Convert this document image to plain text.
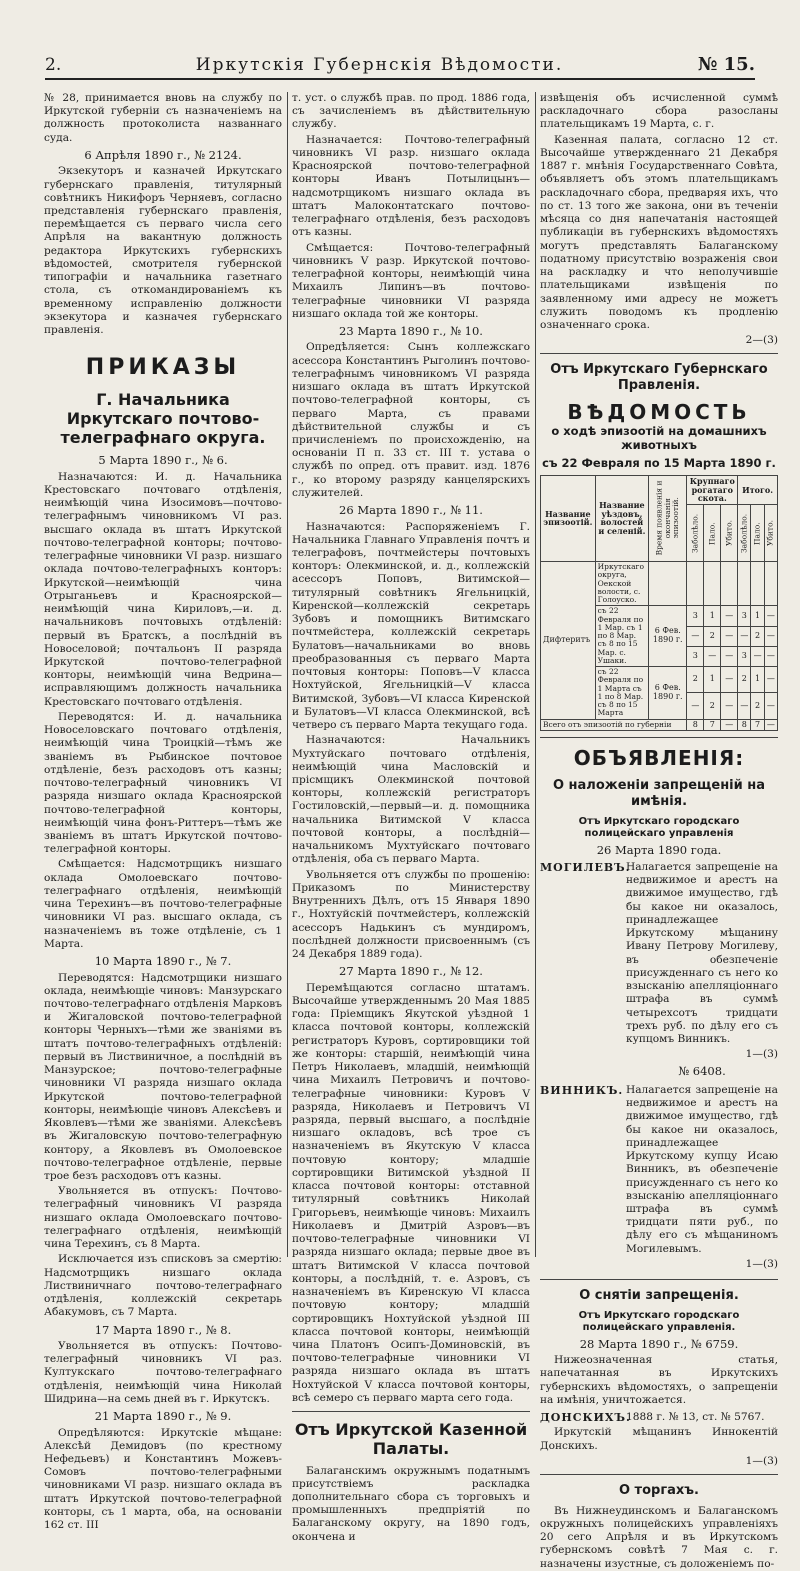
2.	Иркутскія Губернскія Вѣдомости.	№ 15.

№ 28, принимается вновь на службу по Иркутской губерніи съ назначеніемъ на должность протоколиста названнаго суда.

6 Апрѣля 1890 г., № 2124.

Экзекуторъ и казначей Иркутскаго губернскаго правленія, титулярный совѣтникъ Никифоръ Черняевъ, согласно представленія губернскаго правленія, перемѣщается съ перваго числа сего Апрѣля на вакантную должность редактора Иркутскихъ губернскихъ вѣдомостей, смотрителя губернской типографіи и начальника газетнаго стола, съ откомандированіемъ къ временному исправленію должности экзекутора и казначея губернскаго правленія.

ПРИКАЗЫ
Г. Начальника Иркутскаго почтово-телеграфнаго округа.

5 Марта 1890 г., № 6.

Назначаются: И. д. Начальника Крестовскаго почтоваго отдѣленія, неимѣющій чина Изосимовъ—почтово-телеграфнымъ чиновникомъ VI раз. высшаго оклада въ штатъ Иркутской почтово-телеграфной конторы; почтово-телеграфные чиновники VI разр. низшаго оклада почтово-телеграфныхъ конторъ: Иркутской—неимѣющій чина Отрыганьевъ и Красноярской—неимѣющій чина Кириловъ,—и. д. начальниковъ почтовыхъ отдѣленій: первый въ Братскъ, а послѣдній въ Новоселовой; почтальонъ II разряда Иркутской почтово-телеграфной конторы, неимѣющій чина Ведрина—исправляющимъ должность начальника Крестовскаго почтоваго отдѣленія.

Переводятся: И. д. начальника Новоселовскаго почтоваго отдѣленія, неимѣющій чина Троицкій—тѣмъ же званіемъ въ Рыбинское почтовое отдѣленіе, безъ расходовъ отъ казны; почтово-телеграфный чиновникъ VI разряда низшаго оклада Красноярской почтово-телеграфной конторы, неимѣющій чина фонъ-Риттеръ—тѣмъ же званіемъ въ штатъ Иркутской почтово-телеграфной конторы.

Смѣщается: Надсмотрщикъ низшаго оклада Омолоевскаго почтово-телеграфнаго отдѣленія, неимѣющій чина Терехинъ—въ почтово-телеграфные чиновники VI раз. высшаго оклада, съ назначеніемъ въ тоже отдѣленіе, съ 1 Марта.

10 Марта 1890 г., № 7.

Переводятся: Надсмотрщики низшаго оклада, неимѣющіе чиновъ: Манзурскаго почтово-телеграфнаго отдѣленія Марковъ и Жигаловской почтово-телеграфной конторы Черныхъ—тѣми же званіями въ штатъ почтово-телеграфныхъ отдѣленій: первый въ Листвиничное, а послѣдній въ Манзурское; почтово-телеграфные чиновники VI разряда низшаго оклада Иркутской почтово-телеграфной конторы, неимѣющіе чиновъ Алексѣевъ и Яковлевъ—тѣми же званіями. Алексѣевъ въ Жигаловскую почтово-телеграфную контору, а Яковлевъ въ Омолоевское почтово-телеграфное отдѣленіе, первые трое безъ расходовъ отъ казны.

Увольняется въ отпускъ: Почтово-телеграфный чиновникъ VI разряда низшаго оклада Омолоевскаго почтово-телеграфнаго отдѣленія, неимѣющій чина Терехинъ, съ 8 Марта.

Исключается изъ списковъ за смертію: Надсмотрщикъ низшаго оклада Листвиничнаго почтово-телеграфнаго отдѣленія, коллежскій секретарь Абакумовъ, съ 7 Марта.

17 Марта 1890 г., № 8.

Увольняется въ отпускъ: Почтово-телеграфный чиновникъ VI раз. Култукскаго почтово-телеграфнаго отдѣленія, неимѣющій чина Николай Шидрина—на семь дней въ г. Иркутскъ.

21 Марта 1890 г., № 9.

Опредѣляются: Иркутскіе мѣщане: Алексѣй Демидовъ (по крестному Нефедьевъ) и Константинъ Можевъ-Сомовъ почтово-телеграфными чиновниками VI разр. низшаго оклада въ штатъ Иркутской почтово-телеграфной конторы, съ 1 марта, оба, на основаніи 162 ст. III

т. уст. о службѣ прав. по прод. 1886 года, съ зачисленіемъ въ дѣйствительную службу.

Назначается: Почтово-телеграфный чиновникъ VI разр. низшаго оклада Красноярской почтово-телеграфной конторы Иванъ Потылицынъ—надсмотрщикомъ низшаго оклада въ штатъ Малоконтатскаго почтово-телеграфнаго отдѣленія, безъ расходовъ отъ казны.

Смѣщается: Почтово-телеграфный чиновникъ V разр. Иркутской почтово-телеграфной конторы, неимѣющій чина Михаилъ Липинъ—въ почтово-телеграфные чиновники VI разряда низшаго оклада той же конторы.

23 Марта 1890 г., № 10.

Опредѣляется: Сынъ коллежскаго асессора Константинъ Рыголинъ почтово-телеграфнымъ чиновникомъ VI разряда низшаго оклада въ штатъ Иркутской почтово-телеграфной конторы, съ перваго Марта, съ правами дѣйствительной службы и съ причисленіемъ по происхожденію, на основаніи П п. 33 ст. III т. устава о службѣ по опред. отъ правит. изд. 1876 г., ко второму разряду канцелярскихъ служителей.

26 Марта 1890 г., № 11.

Назначаются: Распоряженіемъ Г. Начальника Главнаго Управленія почтъ и телеграфовъ, почтмейстеры почтовыхъ конторъ: Олекминской, и. д., коллежскій асессоръ Поповъ, Витимской—титулярный совѣтникъ Ягельницкій, Киренской—коллежскій секретарь Зубовъ и помощникъ Витимскаго почтмейстера, коллежскій секретарь Булатовъ—начальниками во вновь преобразованныя съ перваго Марта почтовыя конторы: Поповъ—V класса Нохтуйской, Ягельницкій—V класса Витимской, Зубовъ—VI класса Киренской и Булатовъ—VI класса Олекминской, всѣ четверо съ перваго Марта текущаго года.

Назначаются: Начальникъ Мухтуйскаго почтоваго отдѣленія, неимѣющій чина Масловскій и прісмщикъ Олекминской почтовой конторы, коллежскій регистраторъ Гостиловскій,—первый—и. д. помощника начальника Витимской V класса почтовой конторы, а послѣдній—начальникомъ Мухтуйскаго почтоваго отдѣленія, оба съ перваго Марта.

Увольняется отъ службы по прошенію: Приказомъ по Министерству Внутреннихъ Дѣлъ, отъ 15 Января 1890 г., Нохтуйскій почтмейстеръ, коллежскій асессоръ Надькинъ съ мундиромъ, послѣдней должности присвоеннымъ (съ 24 Декабря 1889 года).

27 Марта 1890 г., № 12.

Перемѣщаются согласно штатамъ. Высочайше утвержденнымъ 20 Мая 1885 года: Пріемщикъ Якутской уѣздной 1 класса почтовой конторы, коллежскій регистраторъ Куровъ, сортировщики той же конторы: старшій, неимѣющій чина Петръ Николаевъ, младшій, неимѣющій чина Михаилъ Петровичъ и почтово-телеграфные чиновники: Куровъ V разряда, Николаевъ и Петровичъ VI разряда, первый высшаго, а послѣдніе низшаго окладовъ, всѣ трое съ назначеніемъ въ Якутскую V класса почтовую контору; младшіе сортировщики Витимской уѣздной II класса почтовой конторы: отставной титулярный совѣтникъ Николай Григорьевъ, неимѣющіе чиновъ: Михаилъ Николаевъ и Дмитрій Азровъ—въ почтово-телеграфные чиновники VI разряда низшаго оклада; первые двое въ штатъ Витимской V класса почтовой конторы, а послѣдній, т. е. Азровъ, съ назначеніемъ въ Киренскую VI класса почтовую контору; младшій сортировщикъ Нохтуйской уѣздной III класса почтовой конторы, неимѣющій чина Платонъ Осипъ-Доминовскій, въ почтово-телеграфные чиновники VI разряда низшаго оклада въ штатъ Нохтуйской V класса почтовой конторы, всѣ семеро съ перваго марта сего года.

Отъ Иркутской Казенной Палаты.

Балаганскимъ окружнымъ податнымъ присутствіемъ раскладка дополнительнаго сбора съ торговыхъ и промышленныхъ предпріятій по Балаганскому округу, на 1890 годъ, окончена и

извѣщенія объ исчисленной суммѣ раскладочнаго сбора разосланы плательщикамъ 19 Марта, с. г.

Казенная палата, согласно 12 ст. Высочайше утвержденнаго 21 Декабря 1887 г. мнѣнія Государственнаго Совѣта, объявляетъ объ этомъ плательщикамъ раскладочнаго сбора, предваряя ихъ, что по ст. 13 того же закона, они въ теченіи мѣсяца со дня напечатанія настоящей публикаціи въ губернскихъ вѣдомостяхъ могутъ представлять Балаганскому податному присутствію возраженія свои на раскладку и что неполучившіе плательщиками извѣщенія по заявленному ими адресу не можетъ служить поводомъ къ продленію означеннаго срока.

2—(3)

Отъ Иркутскаго Губернскаго Правленія.
ВѢДОМОСТЬ
о ходѣ эпизоотій на домашнихъ животныхъ
съ 22 Февраля по 15 Марта 1890 г.
Название эпизоотій.	Название уѣздовъ, волостей и селеній.	Время появленія и окончанія эпизоотій.	Крупнаго рогатаго скота.			Итого.		
			Заболѣло.	Пало.	Убито.	Заболѣло.	Пало.	Убито.
Дифтеритъ	Иркутскаго округа, Оекской волости, с. Голоуско.							
	съ 22 Февраля по 1 Мар. съ 1 по 8 Мар. съ 8 по 15 Мар. с. Ушаки.	6 Фев. 1890 г.	3	1	—	3	1	—
			—	2	—	—	2	—
			3	—	—	3	—	—
	съ 22 Февраля по 1 Марта съ 1 по 8 Мар. съ 8 по 15 Марта	6 Фев. 1890 г.	2	1	—	2	1	—
			—	2	—	—	2	—
Всего отъ эпизоотій по губерніи			8	7	—	8	7	—
ОБЪЯВЛЕНІЯ:
О наложеніи запрещеній на имѣнія.
Отъ Иркутскаго городскаго полицейскаго управленія

26 Марта 1890 года.

МОГИЛЕВЪ.

Налагается запрещеніе на недвижимое и арестъ на движимое имущество, гдѣ бы какое ни оказалось, принадлежащее Иркутскому мѣщанину Ивану Петрову Могилеву, въ обезпеченіе присужденнаго съ него ко взысканію апелляціоннаго штрафа въ суммѣ четырехсотъ тридцати трехъ руб. по дѣлу его съ купцомъ Винникъ.

1—(3)

№ 6408.

ВИННИКЪ. Налагается запрещеніе на недвижимое и арестъ на движимое имущество, гдѣ бы какое ни оказалось, принадлежащее Иркутскому купцу Исаю Винникъ, въ обезпеченіе присужденнаго съ него ко взысканію апелляціоннаго штрафа въ суммѣ тридцати пяти руб., по дѣлу его съ мѣщаниномъ Могилевымъ.

1—(3)

О снятіи запрещенія.
Отъ Иркутскаго городскаго полицейскаго управленія.

28 Марта 1890 г., № 6759.

Нижеозначенная статья, напечатанная въ Иркутскихъ губернскихъ вѣдомостяхъ, о запрещеніи на имѣнія, уничтожается.

ДОНСКИХЪ.

1888 г. № 13, ст. № 5767.

Иркутскій мѣщанинъ Иннокентій Донскихъ.

1—(3)

О торгахъ.

Въ Нижнеудинскомъ и Балаганскомъ окружныхъ полицейскихъ управленіяхъ 20 сего Апрѣля и въ Иркутскомъ губернскомъ совѣтѣ 7 Мая с. г. назначены изустные, съ доложеніемъ по-
